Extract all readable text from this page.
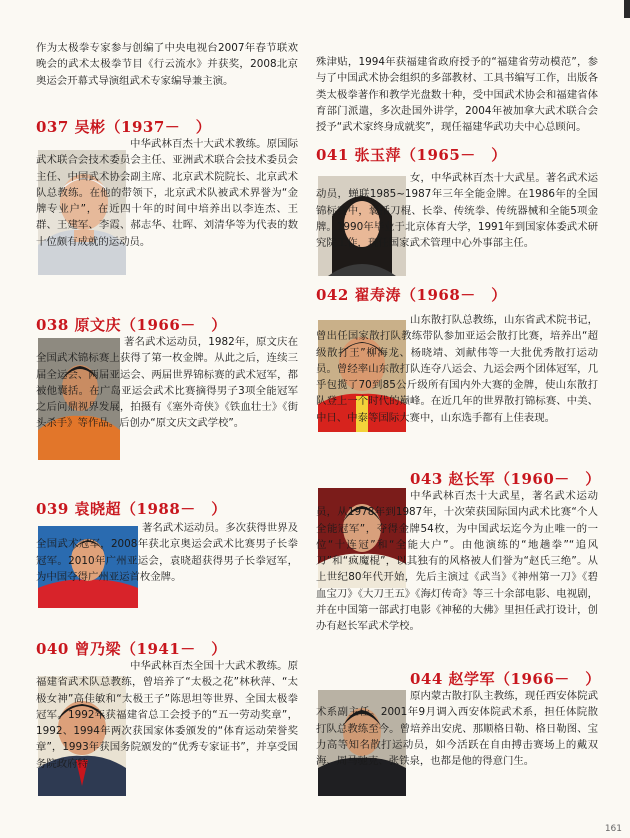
作为太极拳专家参与创编了中央电视台2007年春节联欢晚会的武术太极拳节目《行云流水》并获奖，2008北京奥运会开幕式导演组武术专家编导兼主演。

037 吴彬（1937－　）

中华武林百杰十大武术教练。原国际武术联合会技术委员会主任、亚洲武术联合会技术委员会主任、中国武术协会副主席、北京武术院院长、北京武术队总教练。在他的带领下，北京武术队被武术界誉为“金牌专业户”，在近四十年的时间中培养出以李连杰、王群、王建军、李霞、郝志华、壮晖、刘清华等为代表的数十位颇有成就的运动员。

038 原文庆（1966－　）

著名武术运动员，1982年，原文庆在全国武术锦标赛上获得了第一枚金牌。从此之后，连续三届全运会、两届亚运会、两届世界锦标赛的武术冠军，都被他囊括。在广岛亚运会武术比赛摘得男子3项全能冠军之后问鼎视界发展，拍摄有《塞外奇侠》《铁血壮士》《街头杀手》等作品。后创办“原文庆文武学校”。

039 袁晓超（1988－　）

著名武术运动员。多次获得世界及全国武术冠军，2008年获北京奥运会武术比赛男子长拳冠军。2010年广州亚运会，袁晓超获得男子长拳冠军，为中国夺得广州亚运首枚金牌。

040 曾乃梁（1941－　）

中华武林百杰全国十大武术教练。原福建省武术队总教练，曾培养了“太极之花”林秋萍、“太极女神”高佳敏和“太极王子”陈思坦等世界、全国太极拳冠军。1992年获福建省总工会授予的“五一劳动奖章”，1992、1994年两次获国家体委颁发的“体育运动荣誉奖章”，1993年获国务院颁发的“优秀专家证书”，并享受国务院政府特

殊津贴，1994年获福建省政府授予的“福建省劳动模范”，参与了中国武术协会组织的多部教材、工具书编写工作，出版各类太极拳著作和教学光盘数十种，受中国武术协会和福建省体育部门派遣，多次赴国外讲学，2004年被加拿大武术联合会授予“武术家终身成就奖”，现任福建华武功夫中心总顾问。

041 张玉萍（1965－　）

女，中华武林百杰十大武星。著名武术运动员，蝉联1985~1987年三年全能金牌。在1986年的全国锦标赛中，囊括刀棍、长拳、传统拳、传统器械和全能5项金牌。1990年毕业于北京体育大学，1991年到国家体委武术研究院工作，现任国家武术管理中心外事部主任。

042 翟寿涛（1968－　）

山东散打队总教练，山东省武术院书记，曾出任国家散打队教练带队参加亚运会散打比赛，培养出“超级散打王”柳海龙、杨晓靖、刘献伟等一大批优秀散打运动员。曾经率山东散打队连夺八运会、九运会两个团体冠军，几乎包揽了70到85公斤级所有国内外大赛的金牌，使山东散打队登上一个时代的巅峰。在近几年的世界散打锦标赛、中美、中日、中泰等国际大赛中，山东选手都有上佳表现。

043 赵长军（1960－　）

中华武林百杰十大武星，著名武术运动员，从1978年到1987年，十次荣获国际国内武术比赛“个人全能冠军”，夺得金牌54枚，为中国武坛迄今为止唯一的一位“十连冠”和“全能大户”。由他演练的“地趟拳”“追风刀”和“疯魔棍”，以其独有的风格被人们誉为“赵氏三绝”。从上世纪80年代开始，先后主演过《武当》《神州第一刀》《碧血宝刀》《大刀王五》《海灯传奇》等三十余部电影、电视剧，并在中国第一部武打电影《神秘的大佛》里担任武打设计，创办有赵长军武术学校。

044 赵学军（1966－　）

原内蒙古散打队主教练，现任西安体院武术系副主任。2001年9月调入西安体院武术系，担任体院散打队总教练至今。曾培养出安虎、那顺格日勒、格日勒图、宝力高等知名散打运动员，如今活跃在自由搏击赛场上的戴双海、周马驰克、张铁泉，也都是他的得意门生。

161
